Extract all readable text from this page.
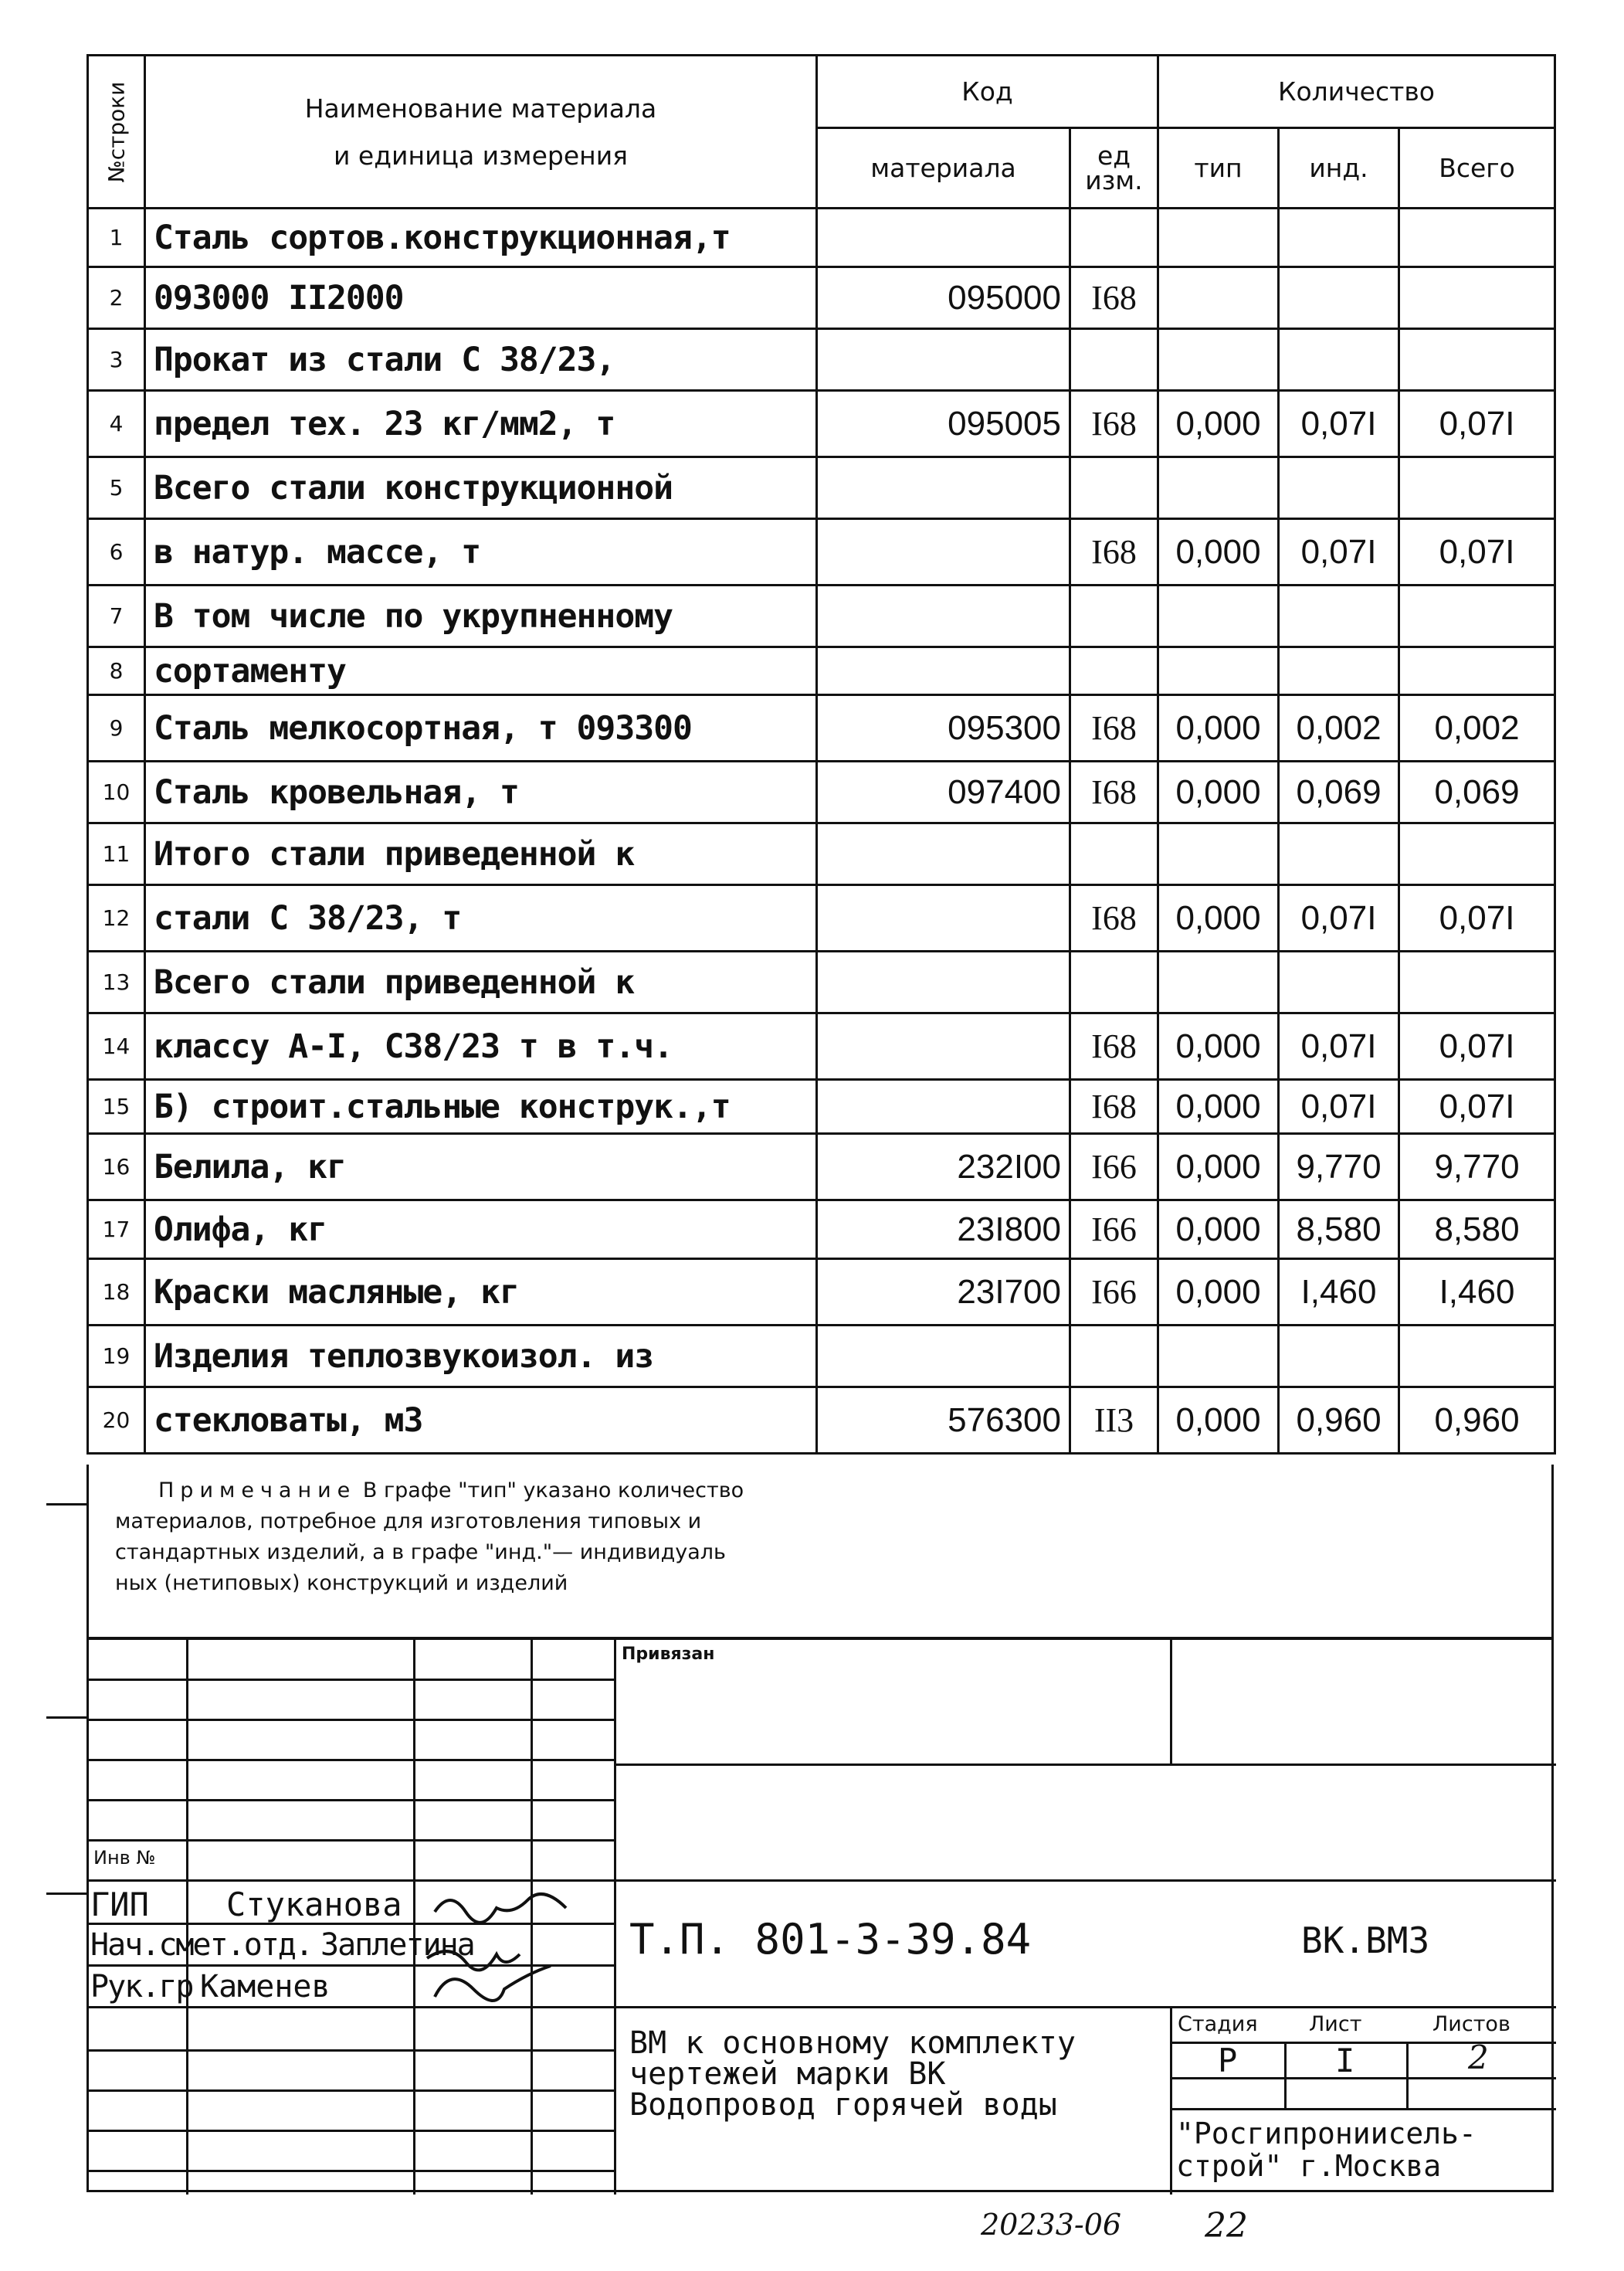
№строки	Наименование материала
и единица измерения	Код		Количество		
		материала	ед изм.	тип	инд.	Всего
1	Сталь сортов.конструкционная,т					
2	093000 II2000	095000	I68			
3	Прокат из стали С 38/23,					
4	предел тех. 23 кг/мм2, т	095005	I68	0,000	0,07I	0,07I
5	Всего стали конструкционной					
6	в натур. массе, т		I68	0,000	0,07I	0,07I
7	В том числе по укрупненному					
8	сортаменту					
9	Сталь мелкосортная, т 093300	095300	I68	0,000	0,002	0,002
10	Сталь кровельная, т	097400	I68	0,000	0,069	0,069
11	Итого стали приведенной к					
12	стали С 38/23, т		I68	0,000	0,07I	0,07I
13	Всего стали приведенной к					
14	классу А-I, С38/23 т в т.ч.		I68	0,000	0,07I	0,07I
15	Б) строит.стальные конструк.,т		I68	0,000	0,07I	0,07I
16	Белила, кг	232I00	I66	0,000	9,770	9,770
17	Олифа, кг	23I800	I66	0,000	8,580	8,580
18	Краски масляные, кг	23I700	I66	0,000	I,460	I,460
19	Изделия теплозвукоизол. из					
20	стекловаты, м3	576300	II3	0,000	0,960	0,960

Примечание В графе "тип" указано количество

материалов, потребное для изготовления типовых и

стандартных изделий, а в графе "инд."— индивидуаль

ных (нетиповых) конструкций и изделий

Привязан
Инв №
ГИП Стуканова
Нач.смет.отд. Заплетина
Рук.гр Каменев
Т.П. 801-3-39.84	ВК.ВМ3
ВМ к основному комплекту
чертежей марки ВК
Водопровод горячей воды
Стадия Лист	Листов
Р	I	2
"Росгипрониисель-
строй" г.Москва
20233-06 22
